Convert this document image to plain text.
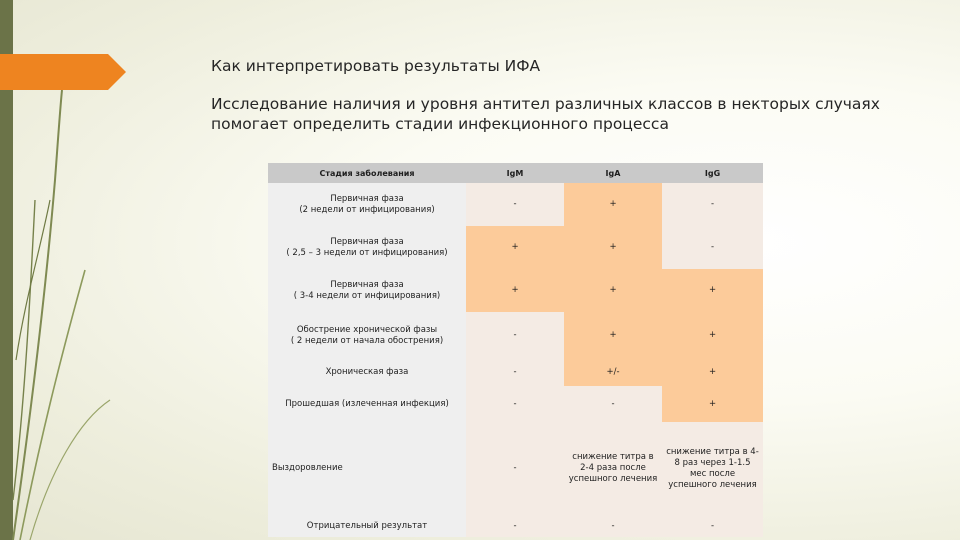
Как интерпретировать результаты ИФА
Исследование наличия и уровня антител различных классов в некторых случаях помогает определить стадии инфекционного процесса
Стадия заболевания	IgM	IgA	IgG
Первичная фаза
(2 недели от инфицирования)	-	+	-
Первичная фаза
( 2,5 – 3 недели от инфицирования)	+	+	-
Первичная фаза
( 3-4 недели от инфицирования)	+	+	+
Обострение хронической фазы
( 2 недели от начала обострения)	-	+	+
Хроническая фаза	-	+/-	+
Прошедшая (излеченная инфекция)	-	-	+
Выздоровление	-	снижение титра в 2-4 раза после успешного лечения	снижение титра в 4-8 раз через 1-1.5 мес после успешного лечения
Отрицательный результат	-	-	-
